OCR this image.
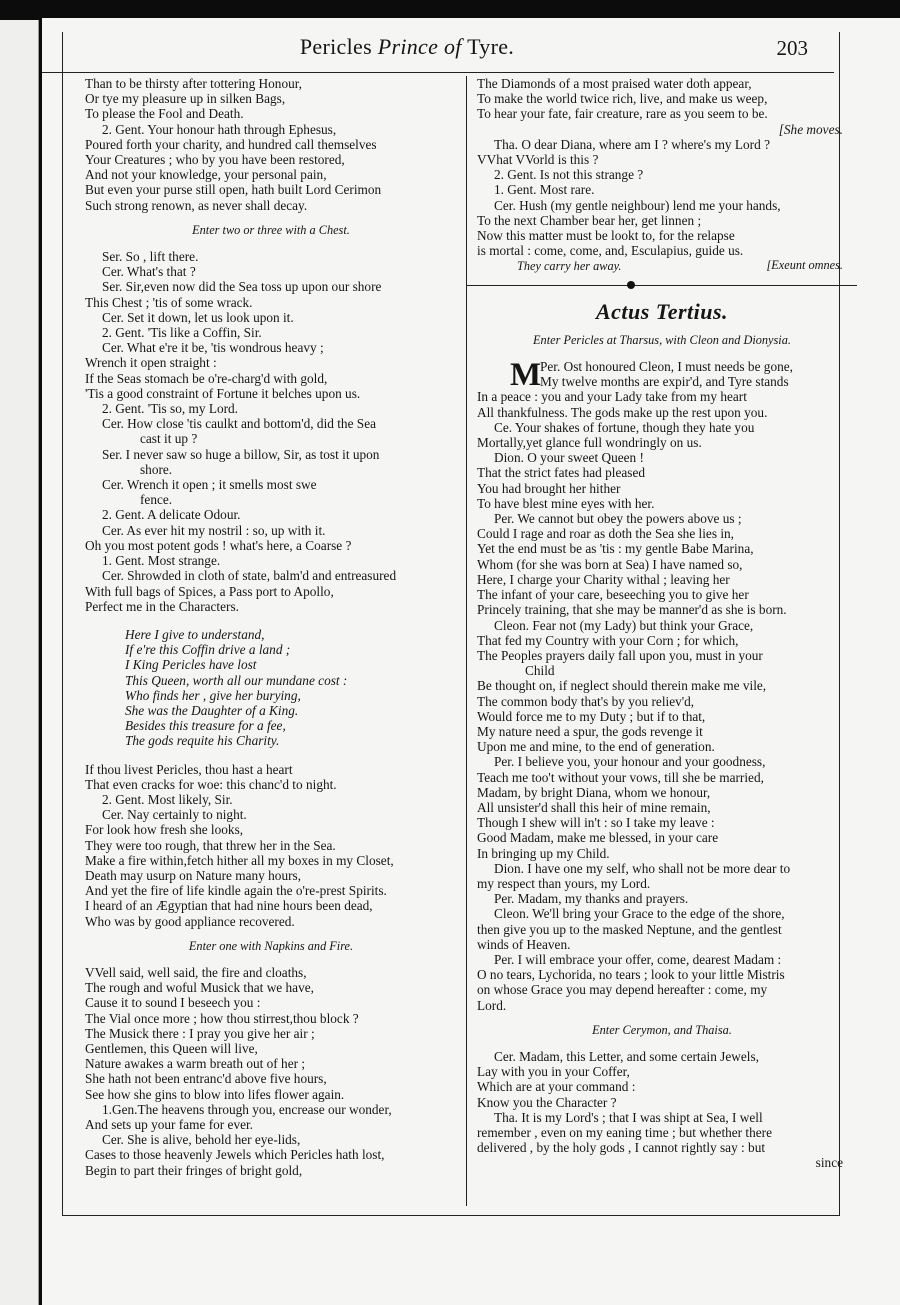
Pericles Prince of Tyre.	203
Than to be thirsty after tottering Honour,
Or tye my pleasure up in silken Bags,
To please the Fool and Death.
2. Gent. Your honour hath through Ephesus,
Poured forth your charity, and hundred call themselves
Your Creatures ; who by you have been restored,
And not your knowledge, your personal pain,
But even your purse still open, hath built Lord Cerimon
Such strong renown, as never shall decay.
Enter two or three with a Chest.
Ser. So , lift there.
Cer. What's that ?
Ser. Sir,even now did the Sea toss up upon our shore
This Chest ; 'tis of some wrack.
Cer. Set it down, let us look upon it.
2. Gent. 'Tis like a Coffin, Sir.
Cer. What e're it be, 'tis wondrous heavy ;
Wrench it open straight :
If the Seas stomach be o're-charg'd with gold,
'Tis a good constraint of Fortune it belches upon us.
2. Gent. 'Tis so, my Lord.
Cer. How close 'tis caulkt and bottom'd, did the Sea
cast it up ?
Ser. I never saw so huge a billow, Sir, as tost it upon
shore.
Cer. Wrench it open ; it smells most swe
fence.
2. Gent. A delicate Odour.
Cer. As ever hit my nostril : so, up with it.
Oh you most potent gods ! what's here, a Coarse ?
1. Gent. Most strange.
Cer. Shrowded in cloth of state, balm'd and entreasured
With full bags of Spices, a Pass port to Apollo,
Perfect me in the Characters.
Here I give to understand,
If e're this Coffin drive a land ;
I King Pericles have lost
This Queen, worth all our mundane cost :
Who finds her , give her burying,
She was the Daughter of a King.
Besides this treasure for a fee,
The gods requite his Charity.
If thou livest Pericles, thou hast a heart
That even cracks for woe: this chanc'd to night.
2. Gent. Most likely, Sir.
Cer. Nay certainly to night.
For look how fresh she looks,
They were too rough, that threw her in the Sea.
Make a fire within,fetch hither all my boxes in my Closet,
Death may usurp on Nature many hours,
And yet the fire of life kindle again the o're-prest Spirits.
I heard of an Ægyptian that had nine hours been dead,
Who was by good appliance recovered.
Enter one with Napkins and Fire.
VVell said, well said, the fire and cloaths,
The rough and woful Musick that we have,
Cause it to sound I beseech you :
The Vial once more ; how thou stirrest,thou block ?
The Musick there : I pray you give her air ;
Gentlemen, this Queen will live,
Nature awakes a warm breath out of her ;
She hath not been entranc'd above five hours,
See how she gins to blow into lifes flower again.
1.Gen.The heavens through you, encrease our wonder,
And sets up your fame for ever.
Cer. She is alive, behold her eye-lids,
Cases to those heavenly Jewels which Pericles hath lost,
Begin to part their fringes of bright gold,
The Diamonds of a most praised water doth appear,
To make the world twice rich, live, and make us weep,
To hear your fate, fair creature, rare as you seem to be.
[She moves.
Tha. O dear Diana, where am I ? where's my Lord ?
VVhat VVorld is this ?
2. Gent. Is not this strange ?
1. Gent. Most rare.
Cer. Hush (my gentle neighbour) lend me your hands,
To the next Chamber bear her, get linnen ;
Now this matter must be lookt to, for the relapse
is mortal : come, come, and, Esculapius, guide us.
They carry her away.	[Exeunt omnes.
Actus Tertius.
Enter Pericles at Tharsus, with Cleon and Dionysia.
M
Per. Ost honoured Cleon, I must needs be gone,
My twelve months are expir'd, and Tyre stands
In a peace : you and your Lady take from my heart
All thankfulness. The gods make up the rest upon you.
Ce. Your shakes of fortune, though they hate you
Mortally,yet glance full wondringly on us.
Dion. O your sweet Queen !
That the strict fates had pleased
You had brought her hither
To have blest mine eyes with her.
Per. We cannot but obey the powers above us ;
Could I rage and roar as doth the Sea she lies in,
Yet the end must be as 'tis : my gentle Babe Marina,
Whom (for she was born at Sea) I have named so,
Here, I charge your Charity withal ; leaving her
The infant of your care, beseeching you to give her
Princely training, that she may be manner'd as she is born.
Cleon. Fear not (my Lady) but think your Grace,
That fed my Country with your Corn ; for which,
The Peoples prayers daily fall upon you, must in your
Child
Be thought on, if neglect should therein make me vile,
The common body that's by you reliev'd,
Would force me to my Duty ; but if to that,
My nature need a spur, the gods revenge it
Upon me and mine, to the end of generation.
Per. I believe you, your honour and your goodness,
Teach me too't without your vows, till she be married,
Madam, by bright Diana, whom we honour,
All unsister'd shall this heir of mine remain,
Though I shew will in't : so I take my leave :
Good Madam, make me blessed, in your care
In bringing up my Child.
Dion. I have one my self, who shall not be more dear to
my respect than yours, my Lord.
Per. Madam, my thanks and prayers.
Cleon. We'll bring your Grace to the edge of the shore,
then give you up to the masked Neptune, and the gentlest
winds of Heaven.
Per. I will embrace your offer, come, dearest Madam :
O no tears, Lychorida, no tears ; look to your little Mistris
on whose Grace you may depend hereafter : come, my
Lord.
Enter Cerymon, and Thaisa.
Cer. Madam, this Letter, and some certain Jewels,
Lay with you in your Coffer,
Which are at your command :
Know you the Character ?
Tha. It is my Lord's ; that I was shipt at Sea, I well
remember , even on my eaning time ; but whether there
delivered , by the holy gods , I cannot rightly say : but
since
